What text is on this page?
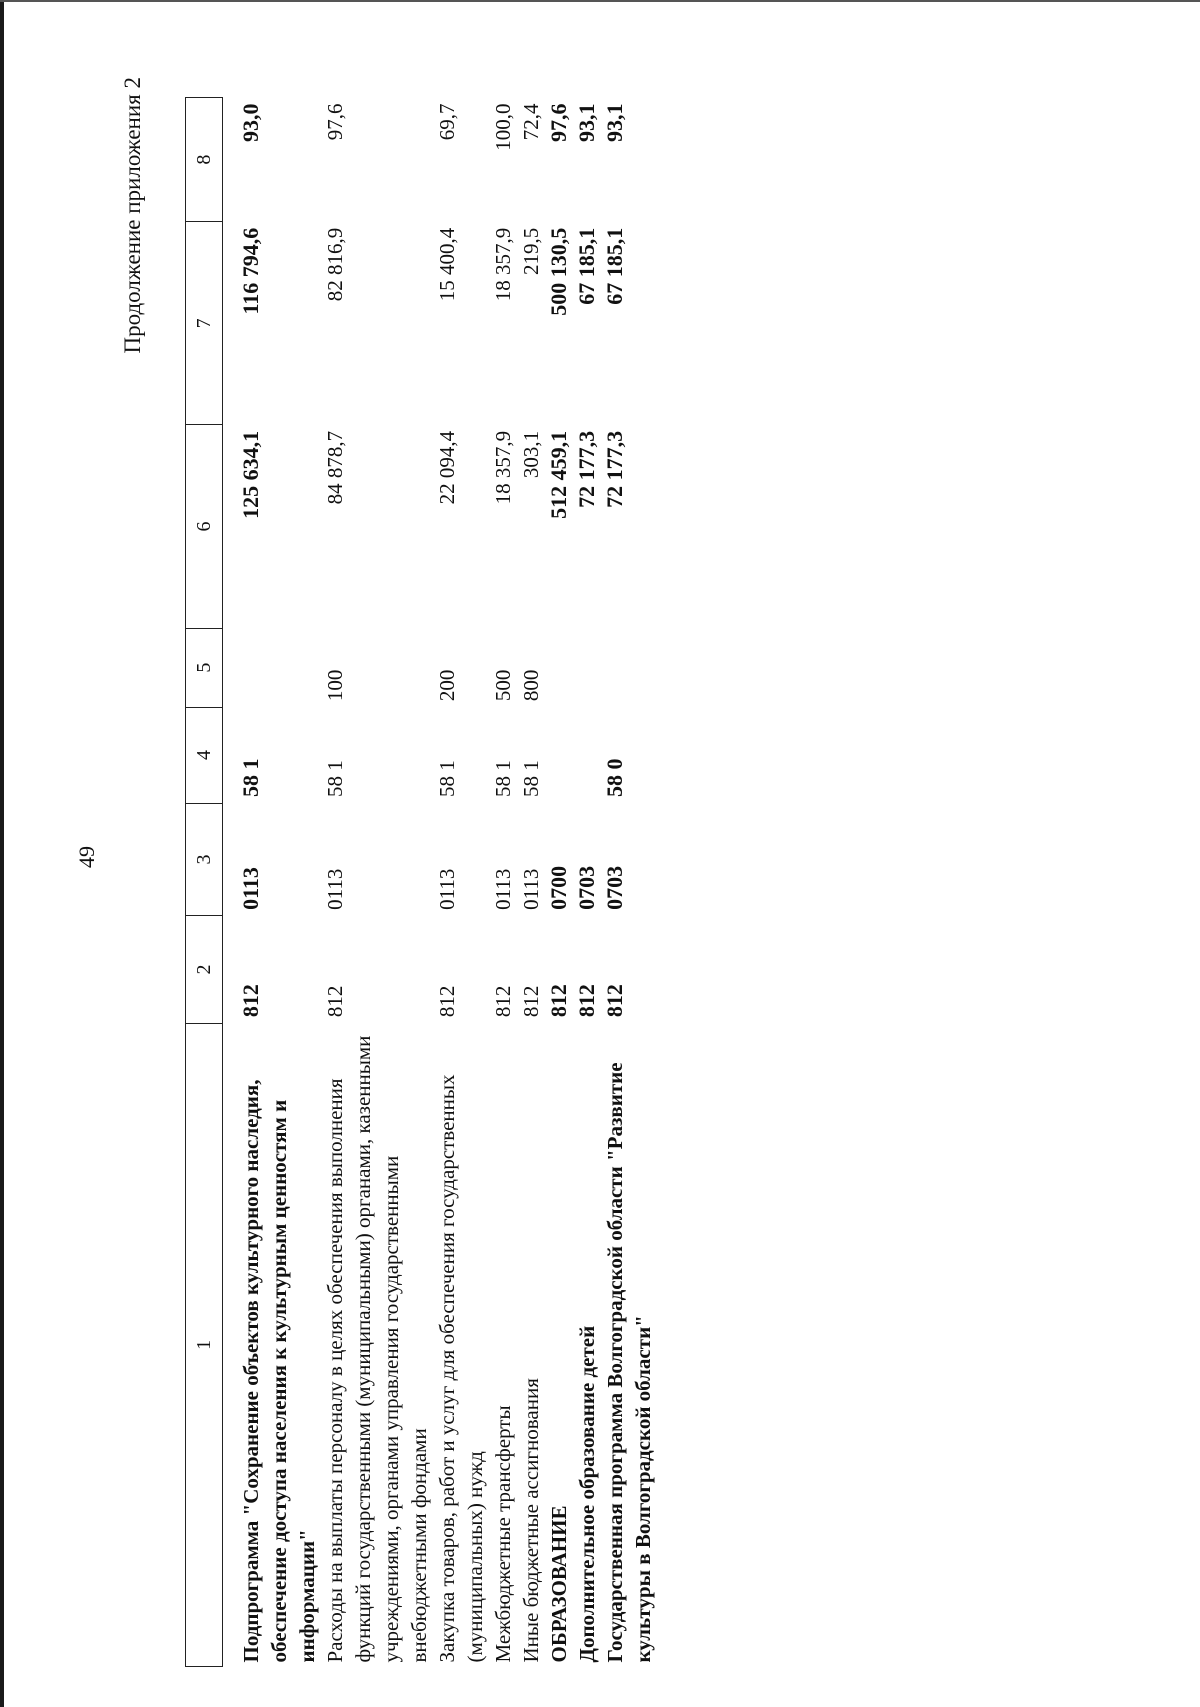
49
Продолжение приложения 2
1	2	3	4	5	6	7	8

Подпрограмма "Сохранение объектов культурного наследия, обеспечение доступа населения к культурным ценностям и информации"	812	0113	58 1		125 634,1	116 794,6	93,0
Расходы на выплаты персоналу в целях обеспечения выполнения функций государственными (муниципальными) органами, казенными учреждениями, органами управления государственными внебюджетными фондами	812	0113	58 1	100	84 878,7	82 816,9	97,6
Закупка товаров, работ и услуг для обеспечения государственных (муниципальных) нужд	812	0113	58 1	200	22 094,4	15 400,4	69,7
Межбюджетные трансферты	812	0113	58 1	500	18 357,9	18 357,9	100,0
Иные бюджетные ассигнования	812	0113	58 1	800	303,1	219,5	72,4
ОБРАЗОВАНИЕ	812	0700			512 459,1	500 130,5	97,6
Дополнительное образование детей	812	0703			72 177,3	67 185,1	93,1
Государственная программа Волгоградской области "Развитие культуры в Волгоградской области"	812	0703	58 0		72 177,3	67 185,1	93,1
